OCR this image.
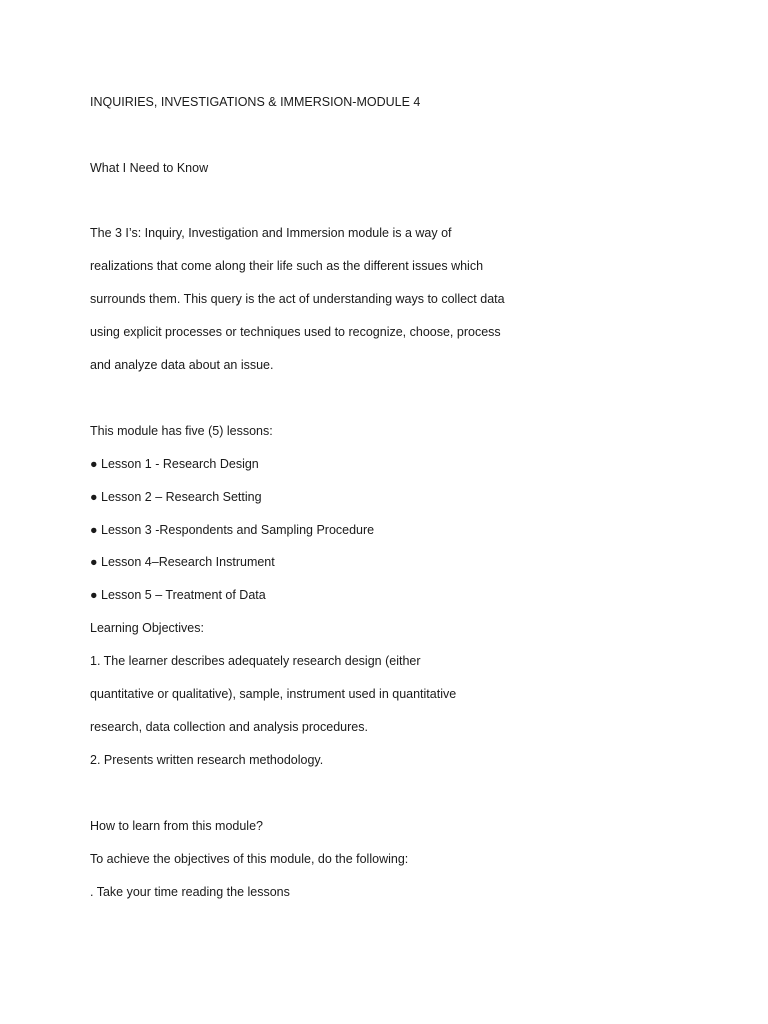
INQUIRIES, INVESTIGATIONS & IMMERSION-MODULE 4

What I Need to Know

The 3 I’s: Inquiry, Investigation and Immersion module is a way of

realizations that come along their life such as the different issues which

surrounds them. This query is the act of understanding ways to collect data

using explicit processes or techniques used to recognize, choose, process

and analyze data about an issue.

This module has five (5) lessons:

● Lesson 1 - Research Design

● Lesson 2 – Research Setting

● Lesson 3 -Respondents and Sampling Procedure

● Lesson 4–Research Instrument

● Lesson 5 – Treatment of Data

Learning Objectives:

1. The learner describes adequately research design (either

quantitative or qualitative), sample, instrument used in quantitative

research, data collection and analysis procedures.

2. Presents written research methodology.

How to learn from this module?

To achieve the objectives of this module, do the following:

. Take your time reading the lessons
